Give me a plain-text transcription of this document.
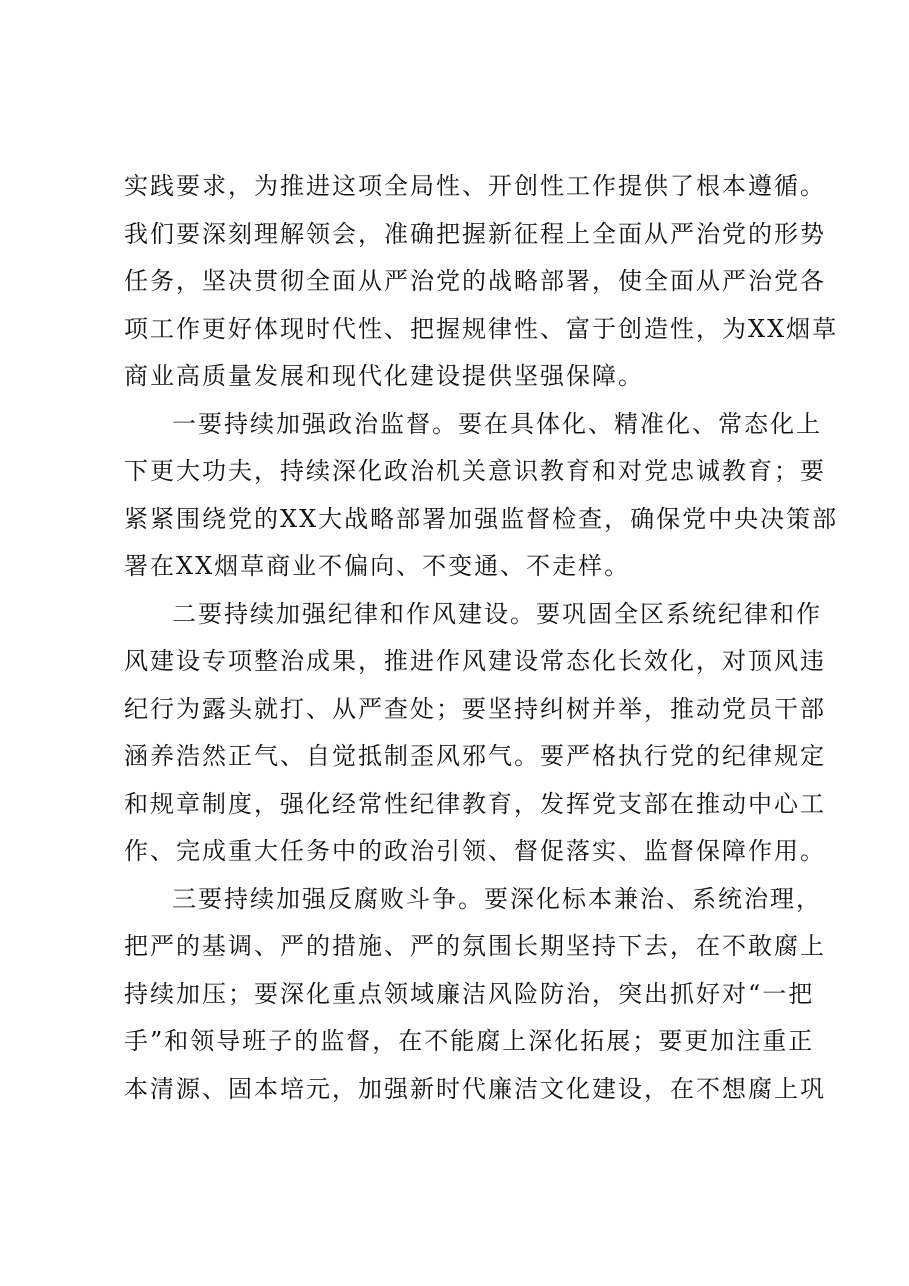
实践要求，为推进这项全局性、开创性工作提供了根本遵循。
我们要深刻理解领会，准确把握新征程上全面从严治党的形势
任务，坚决贯彻全面从严治党的战略部署，使全面从严治党各
项工作更好体现时代性、把握规律性、富于创造性，为XX烟草
商业高质量发展和现代化建设提供坚强保障。
一要持续加强政治监督。要在具体化、精准化、常态化上
下更大功夫，持续深化政治机关意识教育和对党忠诚教育；要
紧紧围绕党的XX大战略部署加强监督检查，确保党中央决策部
署在XX烟草商业不偏向、不变通、不走样。
二要持续加强纪律和作风建设。要巩固全区系统纪律和作
风建设专项整治成果，推进作风建设常态化长效化，对顶风违
纪行为露头就打、从严查处；要坚持纠树并举，推动党员干部
涵养浩然正气、自觉抵制歪风邪气。要严格执行党的纪律规定
和规章制度，强化经常性纪律教育，发挥党支部在推动中心工
作、完成重大任务中的政治引领、督促落实、监督保障作用。
三要持续加强反腐败斗争。要深化标本兼治、系统治理，
把严的基调、严的措施、严的氛围长期坚持下去，在不敢腐上
持续加压；要深化重点领域廉洁风险防治，突出抓好对“一把
手”和领导班子的监督，在不能腐上深化拓展；要更加注重正
本清源、固本培元，加强新时代廉洁文化建设，在不想腐上巩
